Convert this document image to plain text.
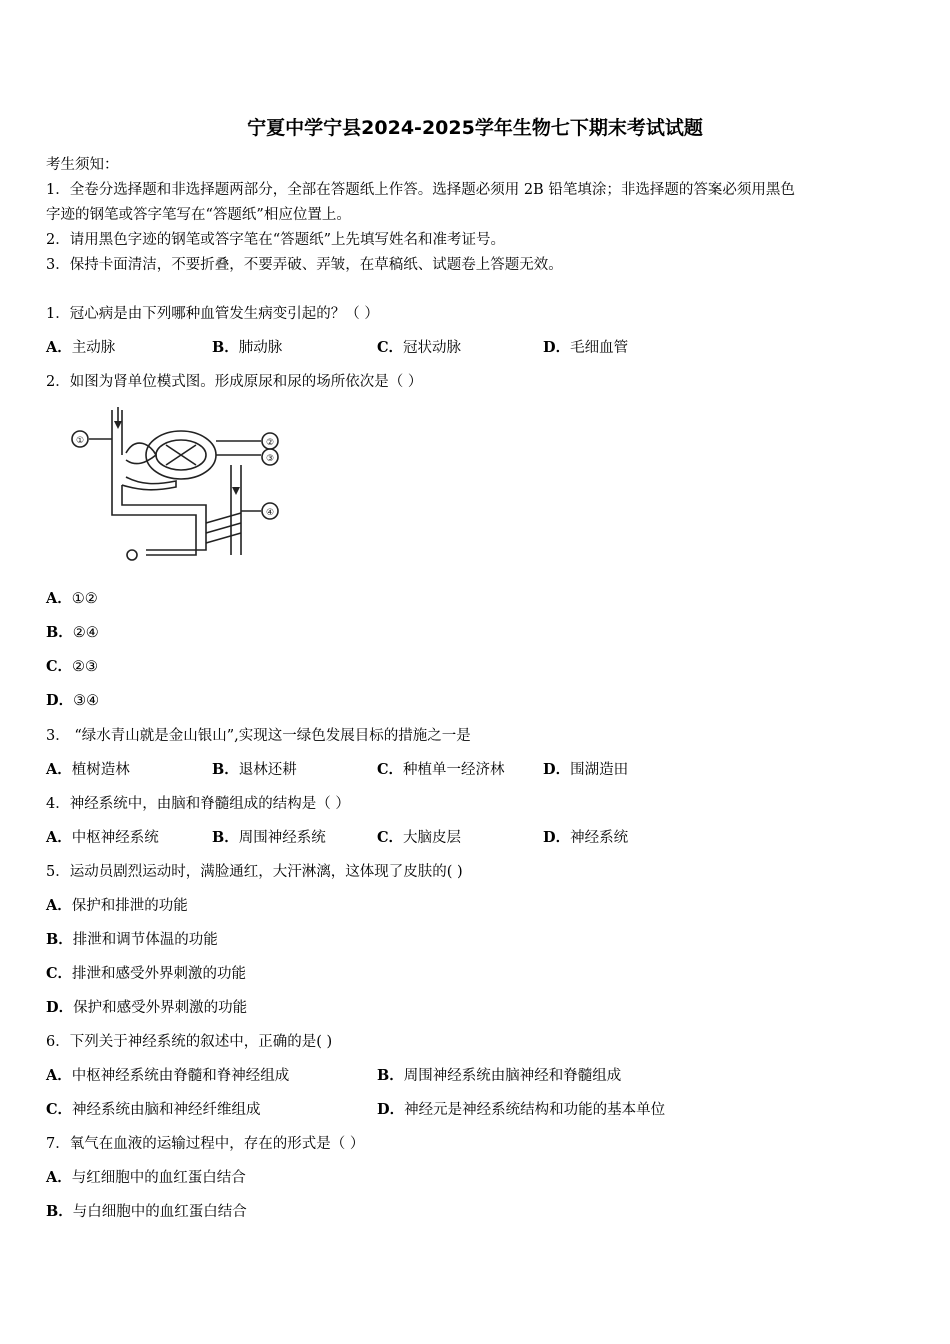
宁夏中学宁县2024-2025学年生物七下期末考试试题
考生须知：
1．全卷分选择题和非选择题两部分，全部在答题纸上作答。选择题必须用 2B 铅笔填涂；非选择题的答案必须用黑色
字迹的钢笔或答字笔写在“答题纸”相应位置上。
2．请用黑色字迹的钢笔或答字笔在“答题纸”上先填写姓名和准考证号。
3．保持卡面清洁，不要折叠，不要弄破、弄皱，在草稿纸、试题卷上答题无效。
1．冠心病是由下列哪种血管发生病变引起的？（ ）
A．主动脉	B．肺动脉	C．冠状动脉	D．毛细血管
2．如图为肾单位模式图。形成原尿和尿的场所依次是（ ）
①	②
③
④
A．①②
B．②④
C．②③
D．③④
3． “绿水青山就是金山银山”,实现这一绿色发展目标的措施之一是
A．植树造林	B．退林还耕	C．种植单一经济林	D．围湖造田
4．神经系统中，由脑和脊髓组成的结构是（ ）
A．中枢神经系统	B．周围神经系统	C．大脑皮层	D．神经系统
5．运动员剧烈运动时，满脸通红，大汗淋漓，这体现了皮肤的( )
A．保护和排泄的功能
B．排泄和调节体温的功能
C．排泄和感受外界刺激的功能
D．保护和感受外界刺激的功能
6．下列关于神经系统的叙述中，正确的是( )
A．中枢神经系统由脊髓和脊神经组成	B．周围神经系统由脑神经和脊髓组成
C．神经系统由脑和神经纤维组成	D．神经元是神经系统结构和功能的基本单位
7．氧气在血液的运输过程中，存在的形式是（ ）
A．与红细胞中的血红蛋白结合
B．与白细胞中的血红蛋白结合
